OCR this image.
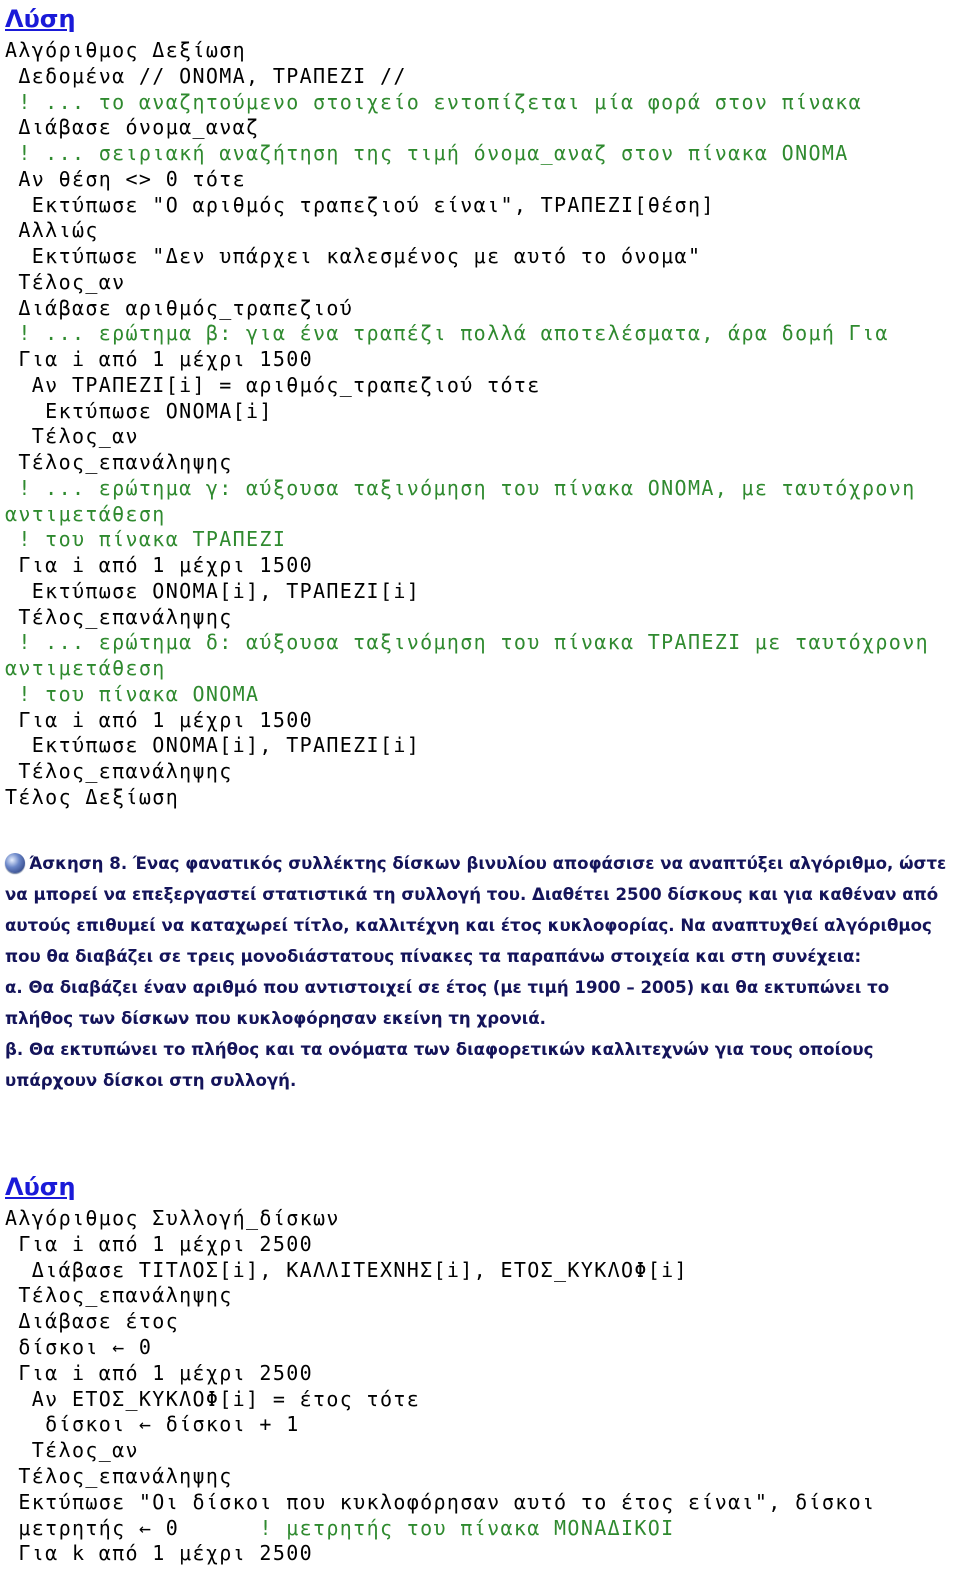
Λύση
Αλγόριθμος Δεξίωση
Δεδομένα // ΟΝΟΜΑ, ΤΡΑΠΕΖΙ //
! ... το αναζητούμενο στοιχείο εντοπίζεται μία φορά στον πίνακα
Διάβασε όνομα_αναζ
! ... σειριακή αναζήτηση της τιμή όνομα_αναζ στον πίνακα ΟΝΟΜΑ
Αν θέση <> 0 τότε
Εκτύπωσε "Ο αριθμός τραπεζιού είναι", ΤΡΑΠΕΖΙ[θέση]
Αλλιώς
Εκτύπωσε "Δεν υπάρχει καλεσμένος με αυτό το όνομα"
Τέλος_αν
Διάβασε αριθμός_τραπεζιού
! ... ερώτημα β: για ένα τραπέζι πολλά αποτελέσματα, άρα δομή Για
Για i από 1 μέχρι 1500
Αν ΤΡΑΠΕΖΙ[i] = αριθμός_τραπεζιού τότε
Εκτύπωσε ΟΝΟΜΑ[i]
Τέλος_αν
Τέλος_επανάληψης
! ... ερώτημα γ: αύξουσα ταξινόμηση του πίνακα ΟΝΟΜΑ, με ταυτόχρονη
αντιμετάθεση
! του πίνακα ΤΡΑΠΕΖΙ
Για i από 1 μέχρι 1500
Εκτύπωσε ΟΝΟΜΑ[i], ΤΡΑΠΕΖΙ[i]
Τέλος_επανάληψης
! ... ερώτημα δ: αύξουσα ταξινόμηση του πίνακα ΤΡΑΠΕΖΙ με ταυτόχρονη
αντιμετάθεση
! του πίνακα ΟΝΟΜΑ
Για i από 1 μέχρι 1500
Εκτύπωσε ΟΝΟΜΑ[i], ΤΡΑΠΕΖΙ[i]
Τέλος_επανάληψης
Τέλος Δεξίωση

Άσκηση 8. Ένας φανατικός συλλέκτης δίσκων βινυλίου αποφάσισε να αναπτύξει αλγόριθμο, ώστε να μπορεί να επεξεργαστεί στατιστικά τη συλλογή του. Διαθέτει 2500 δίσκους και για καθέναν από αυτούς επιθυμεί να καταχωρεί τίτλο, καλλιτέχνη και έτος κυκλοφορίας. Να αναπτυχθεί αλγόριθμος που θα διαβάζει σε τρεις μονοδιάστατους πίνακες τα παραπάνω στοιχεία και στη συνέχεια:

α. Θα διαβάζει έναν αριθμό που αντιστοιχεί σε έτος (με τιμή 1900 – 2005) και θα εκτυπώνει το πλήθος των δίσκων που κυκλοφόρησαν εκείνη τη χρονιά.

β. Θα εκτυπώνει το πλήθος και τα ονόματα των διαφορετικών καλλιτεχνών για τους οποίους υπάρχουν δίσκοι στη συλλογή.

Λύση
Αλγόριθμος Συλλογή_δίσκων
Για i από 1 μέχρι 2500
Διάβασε ΤΙΤΛΟΣ[i], ΚΑΛΛΙΤΕΧΝΗΣ[i], ΕΤΟΣ_ΚΥΚΛΟΦ[i]
Τέλος_επανάληψης
Διάβασε έτος
δίσκοι ← 0
Για i από 1 μέχρι 2500
Αν ΕΤΟΣ_ΚΥΚΛΟΦ[i] = έτος τότε
δίσκοι ← δίσκοι + 1
Τέλος_αν
Τέλος_επανάληψης
Εκτύπωσε "Οι δίσκοι που κυκλοφόρησαν αυτό το έτος είναι", δίσκοι
μετρητής ← 0      ! μετρητής του πίνακα ΜΟΝΑΔΙΚΟΙ
Για k από 1 μέχρι 2500
